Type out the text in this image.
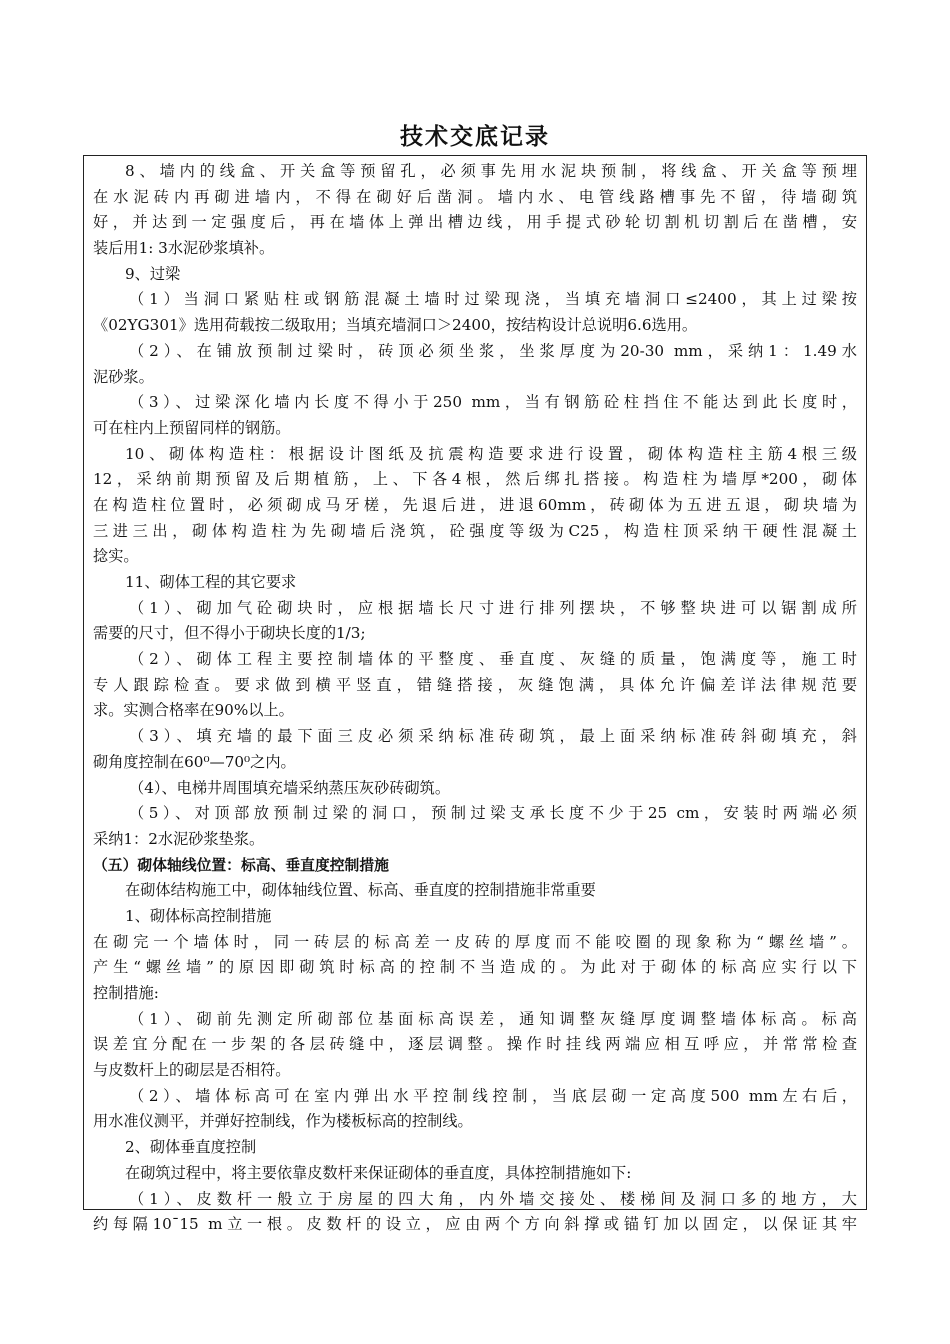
技术交底记录
8、墙内的线盒、开关盒等预留孔，必须事先用水泥块预制，将线盒、开关盒等预埋
在水泥砖内再砌进墙内，不得在砌好后凿洞。墙内水、电管线路槽事先不留，待墙砌筑
好，并达到一定强度后，再在墙体上弹出槽边线，用手提式砂轮切割机切割后在凿槽，安
装后用1: 3水泥砂浆填补。
9、过梁
（1）当洞口紧贴柱或钢筋混凝土墙时过梁现浇，当填充墙洞口≤2400，其上过梁按
《02YG301》选用荷载按二级取用；当填充墙洞口＞2400，按结构设计总说明6.6选用。
（2）、在铺放预制过梁时，砖顶必须坐浆，坐浆厚度为20-30 mm，采纳1：1.49水
泥砂浆。
（3）、过梁深化墙内长度不得小于250 mm，当有钢筋砼柱挡住不能达到此长度时，
可在柱内上预留同样的钢筋。
10、砌体构造柱：根据设计图纸及抗震构造要求进行设置，砌体构造柱主筋4根三级
12，采纳前期预留及后期植筋，上、下各4根，然后绑扎搭接。构造柱为墙厚*200，砌体
在构造柱位置时，必须砌成马牙槎，先退后进，进退60mm，砖砌体为五进五退，砌块墙为
三进三出，砌体构造柱为先砌墙后浇筑，砼强度等级为C25，构造柱顶采纳干硬性混凝土
捻实。
11、砌体工程的其它要求
（1）、砌加气砼砌块时，应根据墙长尺寸进行排列摆块，不够整块进可以锯割成所
需要的尺寸，但不得小于砌块长度的1/3;
（2）、砌体工程主要控制墙体的平整度、垂直度、灰缝的质量，饱满度等，施工时
专人跟踪检查。要求做到横平竖直，错缝搭接，灰缝饱满，具体允许偏差详法律规范要
求。实测合格率在90%以上。
（3）、填充墙的最下面三皮必须采纳标准砖砌筑，最上面采纳标准砖斜砌填充，斜
砌角度控制在60⁰—70⁰之内。
（4）、电梯井周围填充墙采纳蒸压灰砂砖砌筑。
（5）、对顶部放预制过梁的洞口，预制过梁支承长度不少于25 cm，安装时两端必须
采纳1：2水泥砂浆垫浆。
（五）砌体轴线位置：标高、垂直度控制措施
在砌体结构施工中，砌体轴线位置、标高、垂直度的控制措施非常重要
1、砌体标高控制措施
在砌完一个墙体时，同一砖层的标高差一皮砖的厚度而不能咬圈的现象称为“螺丝墙”。
产生“螺丝墙”的原因即砌筑时标高的控制不当造成的。为此对于砌体的标高应实行以下
控制措施:
（1）、砌前先测定所砌部位基面标高误差，通知调整灰缝厚度调整墙体标高。标高
误差宜分配在一步架的各层砖缝中，逐层调整。操作时挂线两端应相互呼应，并常常检查
与皮数杆上的砌层是否相符。
（2）、墙体标高可在室内弹出水平控制线控制，当底层砌一定高度500 mm左右后，
用水准仪测平，并弹好控制线，作为楼板标高的控制线。
2、砌体垂直度控制
在砌筑过程中，将主要依靠皮数杆来保证砌体的垂直度，具体控制措施如下:
（1）、皮数杆一般立于房屋的四大角，内外墙交接处、楼梯间及洞口多的地方，大
约每隔10¯15 m立一根。皮数杆的设立，应由两个方向斜撑或锚钉加以固定，以保证其牢
